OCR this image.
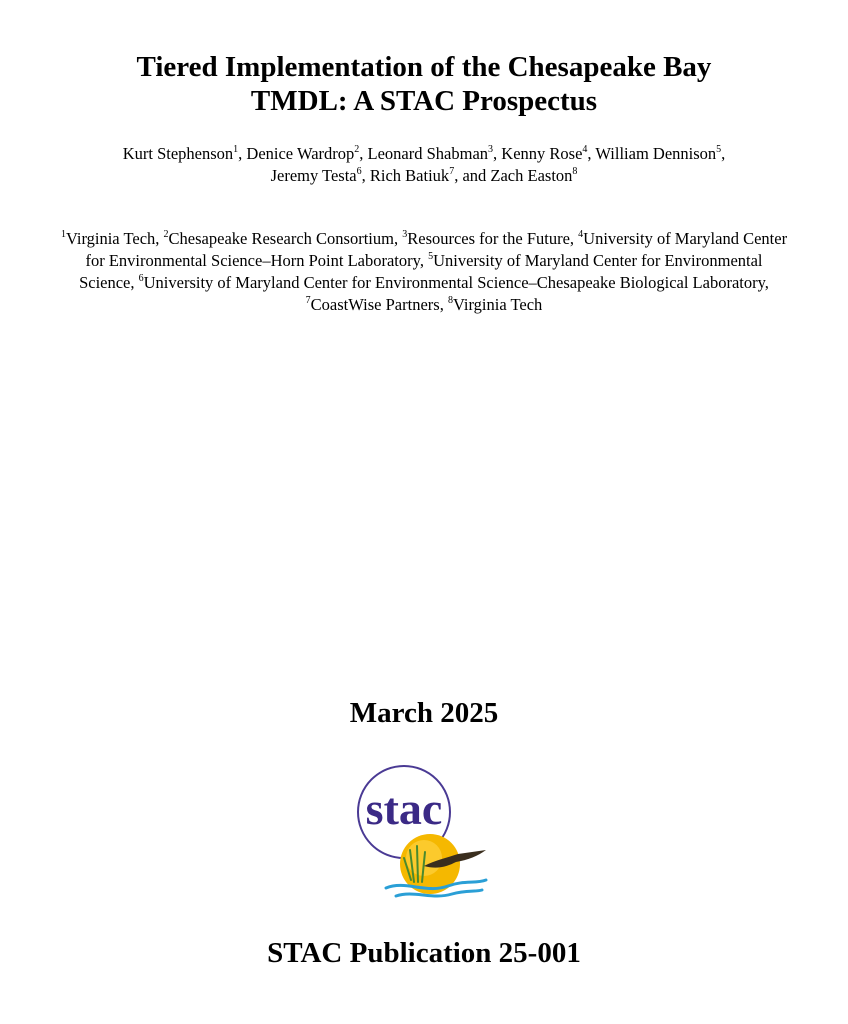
Tiered Implementation of the Chesapeake Bay
TMDL: A STAC Prospectus
Kurt Stephenson$^1$, Denice Wardrop$^2$, Leonard Shabman$^3$, Kenny Rose$^4$, William Dennison$^5$,
Jeremy Testa$^6$, Rich Batiuk$^7$, and Zach Easton$^8$
$^1$Virginia Tech, $^2$Chesapeake Research Consortium, $^3$Resources for the Future, $^4$University of Maryland Center for Environmental Science–Horn Point Laboratory, $^5$University of Maryland Center for Environmental Science, $^6$University of Maryland Center for Environmental Science–Chesapeake Biological Laboratory, $^7$CoastWise Partners, $^8$Virginia Tech
March 2025
stac
STAC Publication 25-001
